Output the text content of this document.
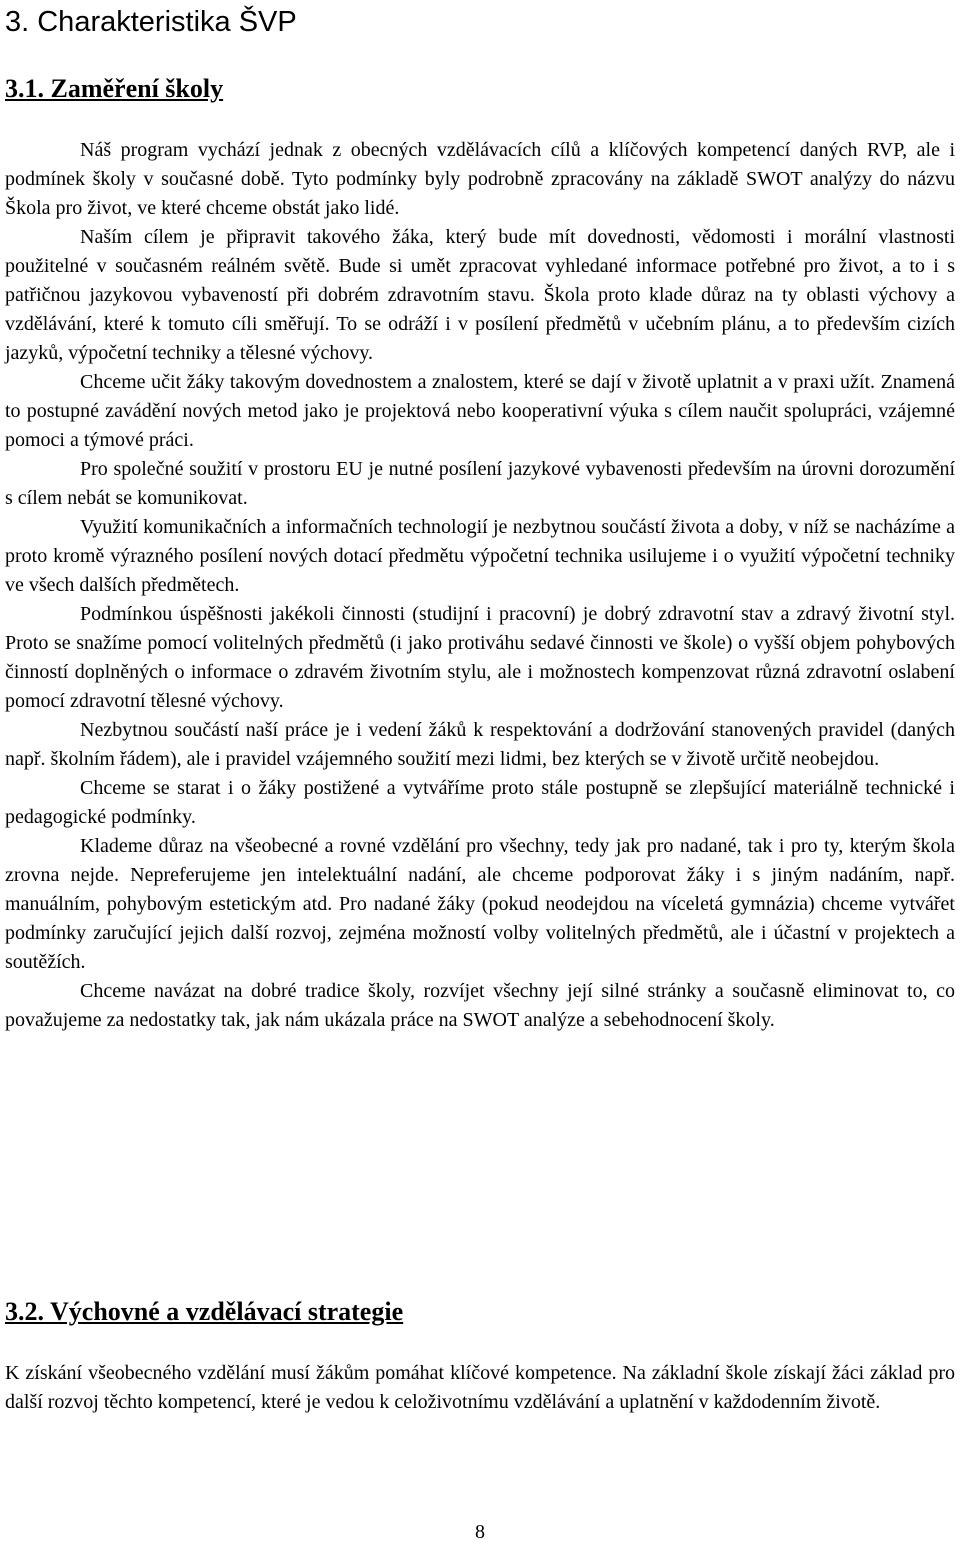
3. Charakteristika ŠVP
3.1. Zaměření školy

Náš program vychází jednak z obecných vzdělávacích cílů a klíčových kompetencí daných RVP, ale i podmínek školy v současné době. Tyto podmínky byly podrobně zpracovány na základě SWOT analýzy do názvu Škola pro život, ve které chceme obstát jako lidé.

Naším cílem je připravit takového žáka, který bude mít dovednosti, vědomosti i morální vlastnosti použitelné v současném reálném světě. Bude si umět zpracovat vyhledané informace potřebné pro život, a to i s patřičnou jazykovou vybaveností při dobrém zdravotním stavu. Škola proto klade důraz na ty oblasti výchovy a vzdělávání, které k tomuto cíli směřují. To se odráží i v posílení předmětů v učebním plánu, a to především cizích jazyků, výpočetní techniky a tělesné výchovy.

Chceme učit žáky takovým dovednostem a znalostem, které se dají v životě uplatnit a v praxi užít. Znamená to postupné zavádění nových metod jako je projektová nebo kooperativní výuka s cílem naučit spolupráci, vzájemné pomoci a týmové práci.

Pro společné soužití v prostoru EU je nutné posílení jazykové vybavenosti především na úrovni dorozumění s cílem nebát se komunikovat.

Využití komunikačních a informačních technologií je nezbytnou součástí života a doby, v níž se nacházíme a proto kromě výrazného posílení nových dotací předmětu výpočetní technika usilujeme i o využití výpočetní techniky ve všech dalších předmětech.

Podmínkou úspěšnosti jakékoli činnosti (studijní i pracovní) je dobrý zdravotní stav a zdravý životní styl. Proto se snažíme pomocí volitelných předmětů (i jako protiváhu sedavé činnosti ve škole) o vyšší objem pohybových činností doplněných o informace o zdravém životním stylu, ale i možnostech kompenzovat různá zdravotní oslabení pomocí zdravotní tělesné výchovy.

Nezbytnou součástí naší práce je i vedení žáků k respektování a dodržování stanovených pravidel (daných např. školním řádem), ale i pravidel vzájemného soužití mezi lidmi, bez kterých se v životě určitě neobejdou.

Chceme se starat i o žáky postižené a vytváříme proto stále postupně se zlepšující materiálně technické i pedagogické podmínky.

Klademe důraz na všeobecné a rovné vzdělání pro všechny, tedy jak pro nadané, tak i pro ty, kterým škola zrovna nejde. Nepreferujeme jen intelektuální nadání, ale chceme podporovat žáky i s jiným nadáním, např. manuálním, pohybovým estetickým atd. Pro nadané žáky (pokud neodejdou na víceletá gymnázia) chceme vytvářet podmínky zaručující jejich další rozvoj, zejména možností volby volitelných předmětů, ale i účastní v projektech a soutěžích.

Chceme navázat na dobré tradice školy, rozvíjet všechny její silné stránky a současně eliminovat to, co považujeme za nedostatky tak, jak nám ukázala práce na SWOT analýze a sebehodnocení školy.

3.2. Výchovné a vzdělávací strategie

K získání všeobecného vzdělání musí žákům pomáhat klíčové kompetence. Na základní škole získají žáci základ pro další rozvoj těchto kompetencí, které je vedou k celoživotnímu vzdělávání a uplatnění v každodenním životě.

8
